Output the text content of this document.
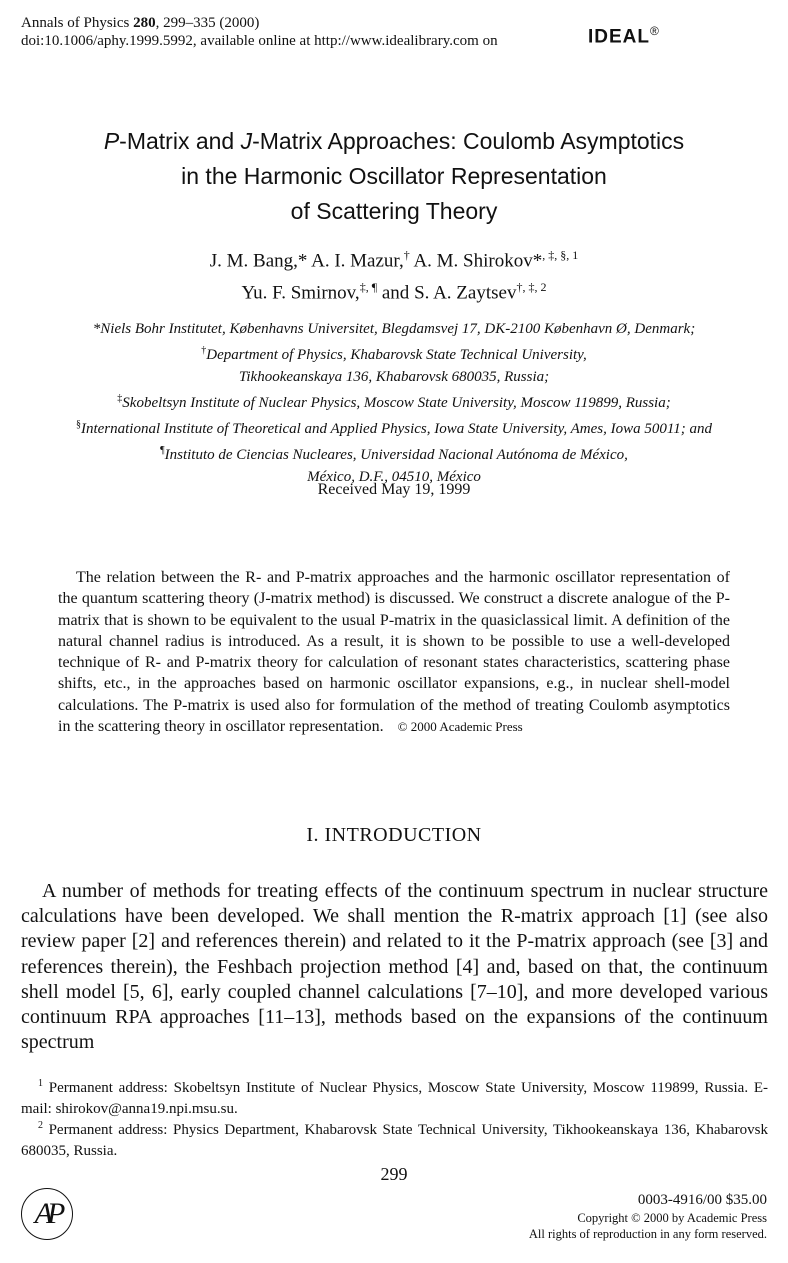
Annals of Physics 280, 299–335 (2000)
doi:10.1006/aphy.1999.5992, available online at http://www.idealibrary.com on	IDEAL®
P-Matrix and J-Matrix Approaches: Coulomb Asymptotics
in the Harmonic Oscillator Representation
of Scattering Theory
J. M. Bang,* A. I. Mazur,† A. M. Shirokov*$^{, \ddagger, \S, 1}$
Yu. F. Smirnov,‡, ¶ and S. A. Zaytsev$^{\dagger, \ddagger, 2}$
*Niels Bohr Institutet, Københavns Universitet, Blegdamsvej 17, DK-2100 København Ø, Denmark;
†Department of Physics, Khabarovsk State Technical University,
Tikhookeanskaya 136, Khabarovsk 680035, Russia;
‡Skobeltsyn Institute of Nuclear Physics, Moscow State University, Moscow 119899, Russia;
§International Institute of Theoretical and Applied Physics, Iowa State University, Ames, Iowa 50011; and
¶Instituto de Ciencias Nucleares, Universidad Nacional Autónoma de México,
México, D.F., 04510, México
Received May 19, 1999
The relation between the R- and P-matrix approaches and the harmonic oscillator representation of the quantum scattering theory (J-matrix method) is discussed. We construct a discrete analogue of the P-matrix that is shown to be equivalent to the usual P-matrix in the quasiclassical limit. A definition of the natural channel radius is introduced. As a result, it is shown to be possible to use a well-developed technique of R- and P-matrix theory for calculation of resonant states characteristics, scattering phase shifts, etc., in the approaches based on harmonic oscillator expansions, e.g., in nuclear shell-model calculations. The P-matrix is used also for formulation of the method of treating Coulomb asymptotics in the scattering theory in oscillator representation. © 2000 Academic Press
I. INTRODUCTION
A number of methods for treating effects of the continuum spectrum in nuclear structure calculations have been developed. We shall mention the R-matrix approach [1] (see also review paper [2] and references therein) and related to it the P-matrix approach (see [3] and references therein), the Feshbach projection method [4] and, based on that, the continuum shell model [5, 6], early coupled channel calculations [7–10], and more developed various continuum RPA approaches [11–13], methods based on the expansions of the continuum spectrum
$^1$ Permanent address: Skobeltsyn Institute of Nuclear Physics, Moscow State University, Moscow 119899, Russia. E-mail: shirokov@anna19.npi.msu.su.
$^2$ Permanent address: Physics Department, Khabarovsk State Technical University, Tikhookeanskaya 136, Khabarovsk 680035, Russia.
299
AP	0003-4916/00 $35.00
Copyright © 2000 by Academic Press
All rights of reproduction in any form reserved.
